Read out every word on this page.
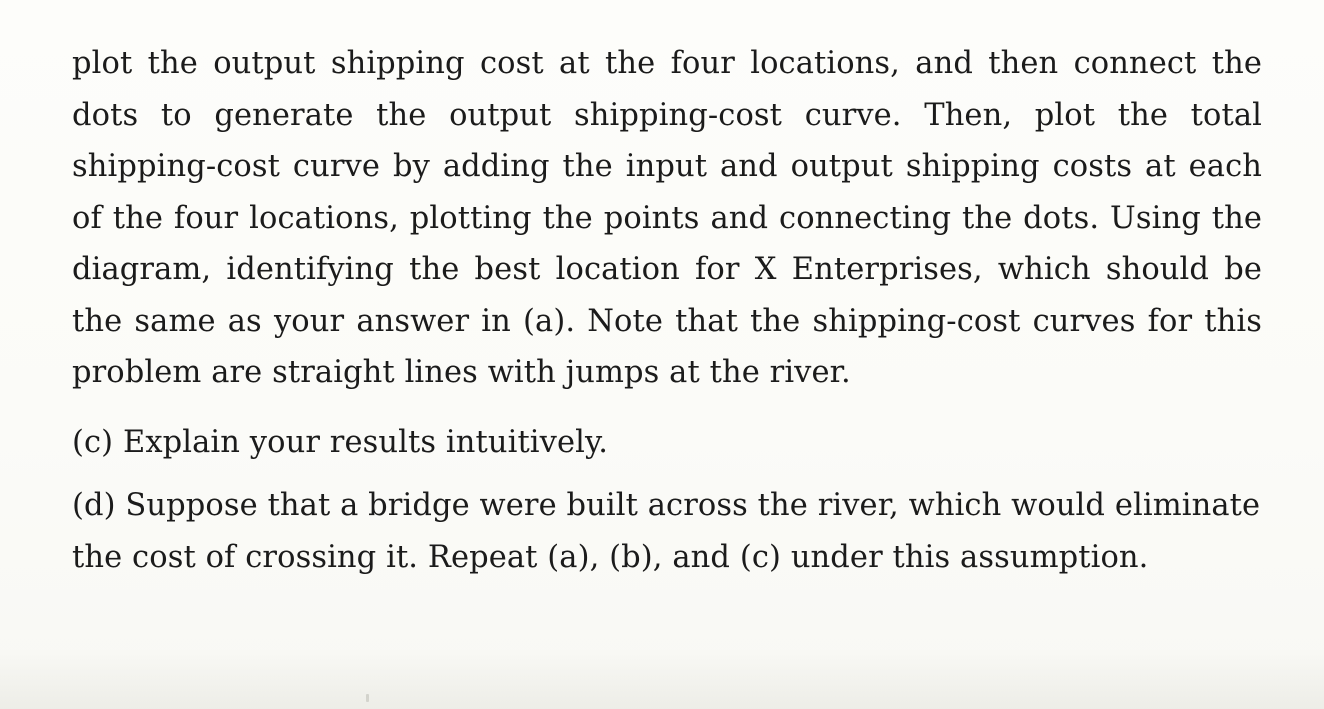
plot the output shipping cost at the four locations, and then connect the dots to generate the output shipping-cost curve. Then, plot the total shipping-cost curve by adding the input and output shipping costs at each of the four locations, plotting the points and connecting the dots. Using the diagram, identifying the best location for X Enterprises, which should be the same as your answer in (a). Note that the shipping-cost curves for this problem are straight lines with jumps at the river.

(c) Explain your results intuitively.

(d) Suppose that a bridge were built across the river, which would eliminate the cost of crossing it. Repeat (a), (b), and (c) under this assumption.
